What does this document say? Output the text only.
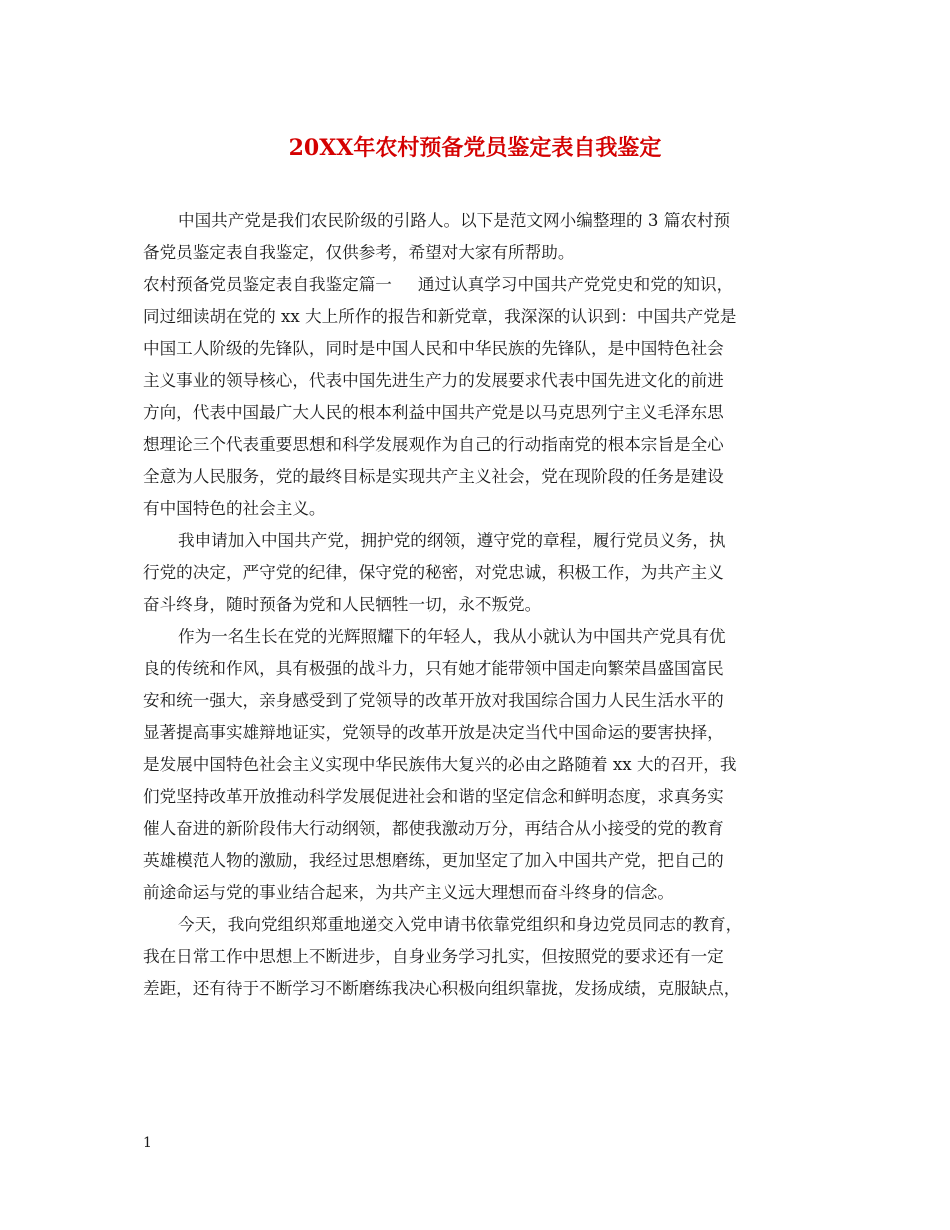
20XX年农村预备党员鉴定表自我鉴定
中国共产党是我们农民阶级的引路人。以下是范文网小编整理的 3 篇农村预
备党员鉴定表自我鉴定，仅供参考，希望对大家有所帮助。
农村预备党员鉴定表自我鉴定篇一 通过认真学习中国共产党党史和党的知识，
同过细读胡在党的 xx 大上所作的报告和新党章，我深深的认识到：中国共产党是
中国工人阶级的先锋队，同时是中国人民和中华民族的先锋队，是中国特色社会
主义事业的领导核心，代表中国先进生产力的发展要求代表中国先进文化的前进
方向，代表中国最广大人民的根本利益中国共产党是以马克思列宁主义毛泽东思
想理论三个代表重要思想和科学发展观作为自己的行动指南党的根本宗旨是全心
全意为人民服务，党的最终目标是实现共产主义社会，党在现阶段的任务是建设
有中国特色的社会主义。
我申请加入中国共产党，拥护党的纲领，遵守党的章程，履行党员义务，执
行党的决定，严守党的纪律，保守党的秘密，对党忠诚，积极工作，为共产主义
奋斗终身，随时预备为党和人民牺牲一切，永不叛党。
作为一名生长在党的光辉照耀下的年轻人，我从小就认为中国共产党具有优
良的传统和作风，具有极强的战斗力，只有她才能带领中国走向繁荣昌盛国富民
安和统一强大，亲身感受到了党领导的改革开放对我国综合国力人民生活水平的
显著提高事实雄辩地证实，党领导的改革开放是决定当代中国命运的要害抉择，
是发展中国特色社会主义实现中华民族伟大复兴的必由之路随着 xx 大的召开，我
们党坚持改革开放推动科学发展促进社会和谐的坚定信念和鲜明态度，求真务实
催人奋进的新阶段伟大行动纲领，都使我激动万分，再结合从小接受的党的教育
英雄模范人物的激励，我经过思想磨练，更加坚定了加入中国共产党，把自己的
前途命运与党的事业结合起来，为共产主义远大理想而奋斗终身的信念。
今天，我向党组织郑重地递交入党申请书依靠党组织和身边党员同志的教育，
我在日常工作中思想上不断进步，自身业务学习扎实，但按照党的要求还有一定
差距，还有待于不断学习不断磨练我决心积极向组织靠拢，发扬成绩，克服缺点，
1
